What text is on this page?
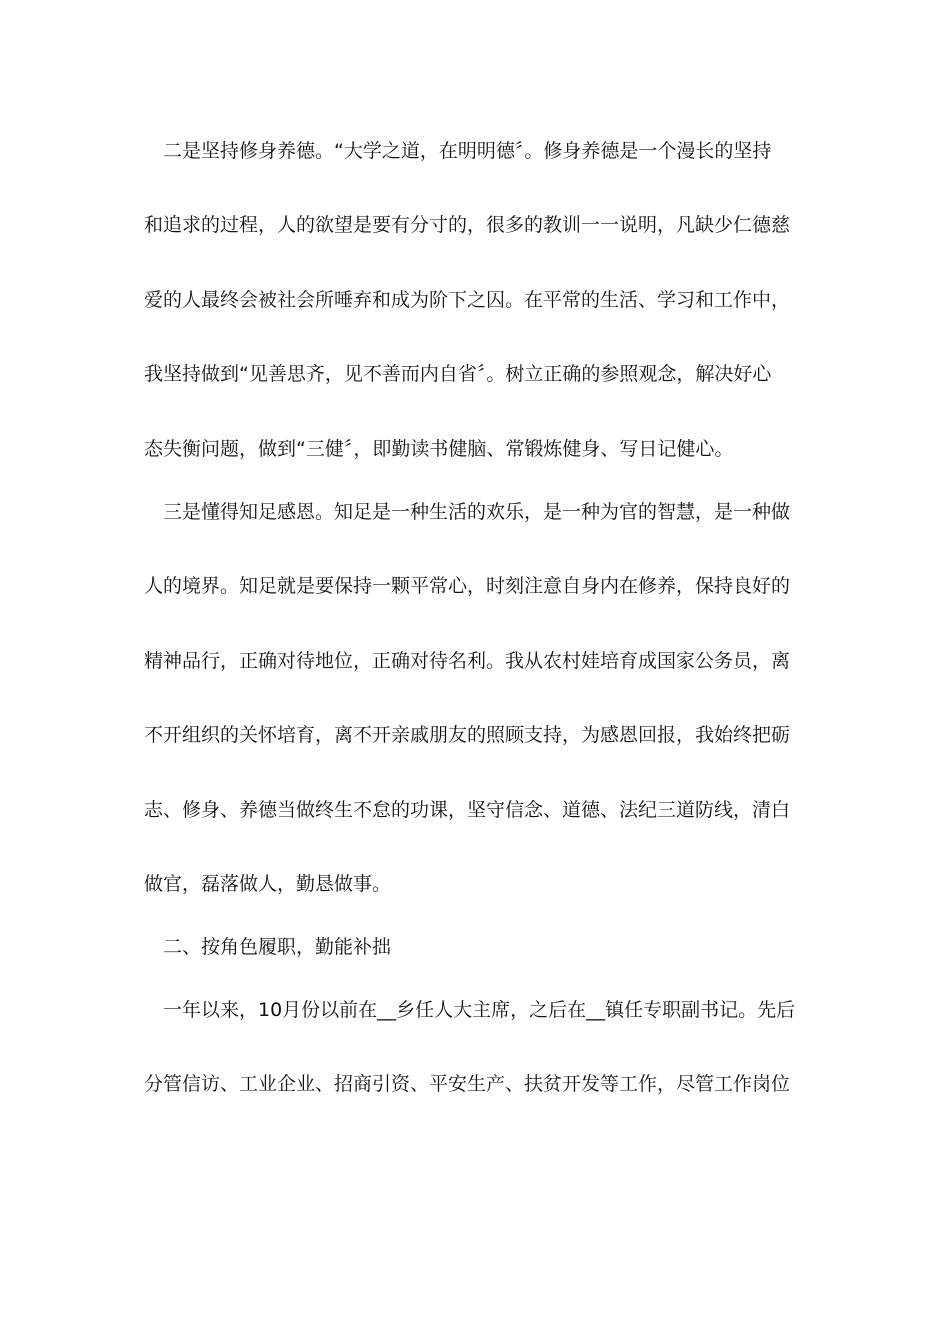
二是坚持修身养德。“大学之道，在明明德〞。修身养德是一个漫长的坚持
和追求的过程，人的欲望是要有分寸的，很多的教训一一说明，凡缺少仁德慈
爱的人最终会被社会所唾弃和成为阶下之囚。在平常的生活、学习和工作中，
我坚持做到“见善思齐，见不善而内自省〞。树立正确的参照观念，解决好心
态失衡问题，做到“三健〞，即勤读书健脑、常锻炼健身、写日记健心。
三是懂得知足感恩。知足是一种生活的欢乐，是一种为官的智慧，是一种做
人的境界。知足就是要保持一颗平常心，时刻注意自身内在修养，保持良好的
精神品行，正确对待地位，正确对待名利。我从农村娃培育成国家公务员，离
不开组织的关怀培育，离不开亲戚朋友的照顾支持，为感恩回报，我始终把砺
志、修身、养德当做终生不怠的功课，坚守信念、道德、法纪三道防线，清白
做官，磊落做人，勤恳做事。
二、按角色履职，勤能补拙
一年以来，10月份以前在__乡任人大主席，之后在__镇任专职副书记。先后
分管信访、工业企业、招商引资、平安生产、扶贫开发等工作，尽管工作岗位
